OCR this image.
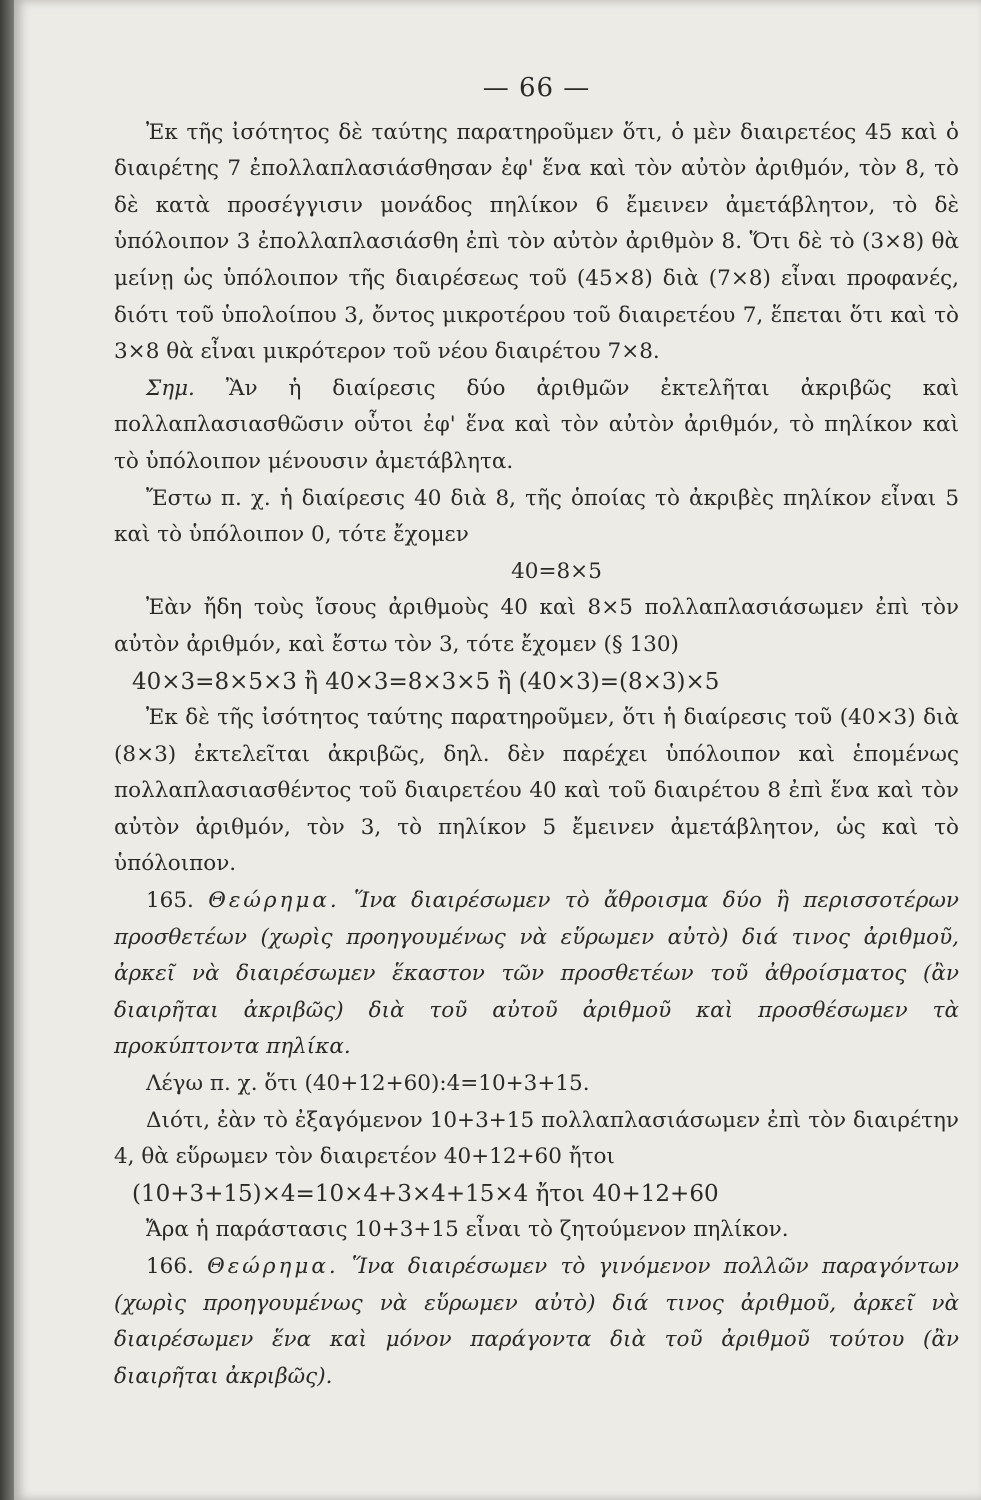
— 66 —

Ἐκ τῆς ἰσότητος δὲ ταύτης παρατηροῦμεν ὅτι, ὁ μὲν διαιρετέος 45 καὶ ὁ διαιρέτης 7 ἐπολλαπλασιάσθησαν ἐφ' ἕνα καὶ τὸν αὐτὸν ἀριθμόν, τὸν 8, τὸ δὲ κατὰ προσέγγισιν μονάδος πηλίκον 6 ἔμεινεν ἀμετάβλητον, τὸ δὲ ὑπόλοιπον 3 ἐπολλαπλασιάσθη ἐπὶ τὸν αὐτὸν ἀριθμὸν 8. Ὅτι δὲ τὸ (3×8) θὰ μείνῃ ὡς ὑπόλοιπον τῆς διαιρέσεως τοῦ (45×8) διὰ (7×8) εἶναι προφανές, διότι τοῦ ὑπολοίπου 3, ὄντος μικροτέρου τοῦ διαιρετέου 7, ἕπεται ὅτι καὶ τὸ 3×8 θὰ εἶναι μικρότερον τοῦ νέου διαιρέτου 7×8.

Σημ. Ἂν ἡ διαίρεσις δύο ἀριθμῶν ἐκτελῆται ἀκριβῶς καὶ πολλαπλασιασθῶσιν οὗτοι ἐφ' ἕνα καὶ τὸν αὐτὸν ἀριθμόν, τὸ πηλίκον καὶ τὸ ὑπόλοιπον μένουσιν ἀμετάβλητα.

Ἔστω π. χ. ἡ διαίρεσις 40 διὰ 8, τῆς ὁποίας τὸ ἀκριβὲς πηλίκον εἶναι 5 καὶ τὸ ὑπόλοιπον 0, τότε ἔχομεν

40=8×5

Ἐὰν ἤδη τοὺς ἴσους ἀριθμοὺς 40 καὶ 8×5 πολλαπλασιάσωμεν ἐπὶ τὸν αὐτὸν ἀριθμόν, καὶ ἔστω τὸν 3, τότε ἔχομεν (§ 130)

40×3=8×5×3 ἢ 40×3=8×3×5 ἢ (40×3)=(8×3)×5

Ἐκ δὲ τῆς ἰσότητος ταύτης παρατηροῦμεν, ὅτι ἡ διαίρεσις τοῦ (40×3) διὰ (8×3) ἐκτελεῖται ἀκριβῶς, δηλ. δὲν παρέχει ὑπόλοιπον καὶ ἑπομένως πολλαπλασιασθέντος τοῦ διαιρετέου 40 καὶ τοῦ διαιρέτου 8 ἐπὶ ἕνα καὶ τὸν αὐτὸν ἀριθμόν, τὸν 3, τὸ πηλίκον 5 ἔμεινεν ἀμετάβλητον, ὡς καὶ τὸ ὑπόλοιπον.

165. Θεώρημα. Ἵνα διαιρέσωμεν τὸ ἄθροισμα δύο ἢ περισσοτέρων προσθετέων (χωρὶς προηγουμένως νὰ εὕρωμεν αὐτὸ) διά τινος ἀριθμοῦ, ἀρκεῖ νὰ διαιρέσωμεν ἕκαστον τῶν προσθετέων τοῦ ἀθροίσματος (ἂν διαιρῆται ἀκριβῶς) διὰ τοῦ αὐτοῦ ἀριθμοῦ καὶ προσθέσωμεν τὰ προκύπτοντα πηλίκα.

Λέγω π. χ. ὅτι (40+12+60):4=10+3+15.

Διότι, ἐὰν τὸ ἐξαγόμενον 10+3+15 πολλαπλασιάσωμεν ἐπὶ τὸν διαιρέτην 4, θὰ εὕρωμεν τὸν διαιρετέον 40+12+60 ἤτοι

(10+3+15)×4=10×4+3×4+15×4 ἤτοι 40+12+60

Ἄρα ἡ παράστασις 10+3+15 εἶναι τὸ ζητούμενον πηλίκον.

166. Θεώρημα. Ἵνα διαιρέσωμεν τὸ γινόμενον πολλῶν παραγόντων (χωρὶς προηγουμένως νὰ εὕρωμεν αὐτὸ) διά τινος ἀριθμοῦ, ἀρκεῖ νὰ διαιρέσωμεν ἕνα καὶ μόνον παράγοντα διὰ τοῦ ἀριθμοῦ τούτου (ἂν διαιρῆται ἀκριβῶς).
